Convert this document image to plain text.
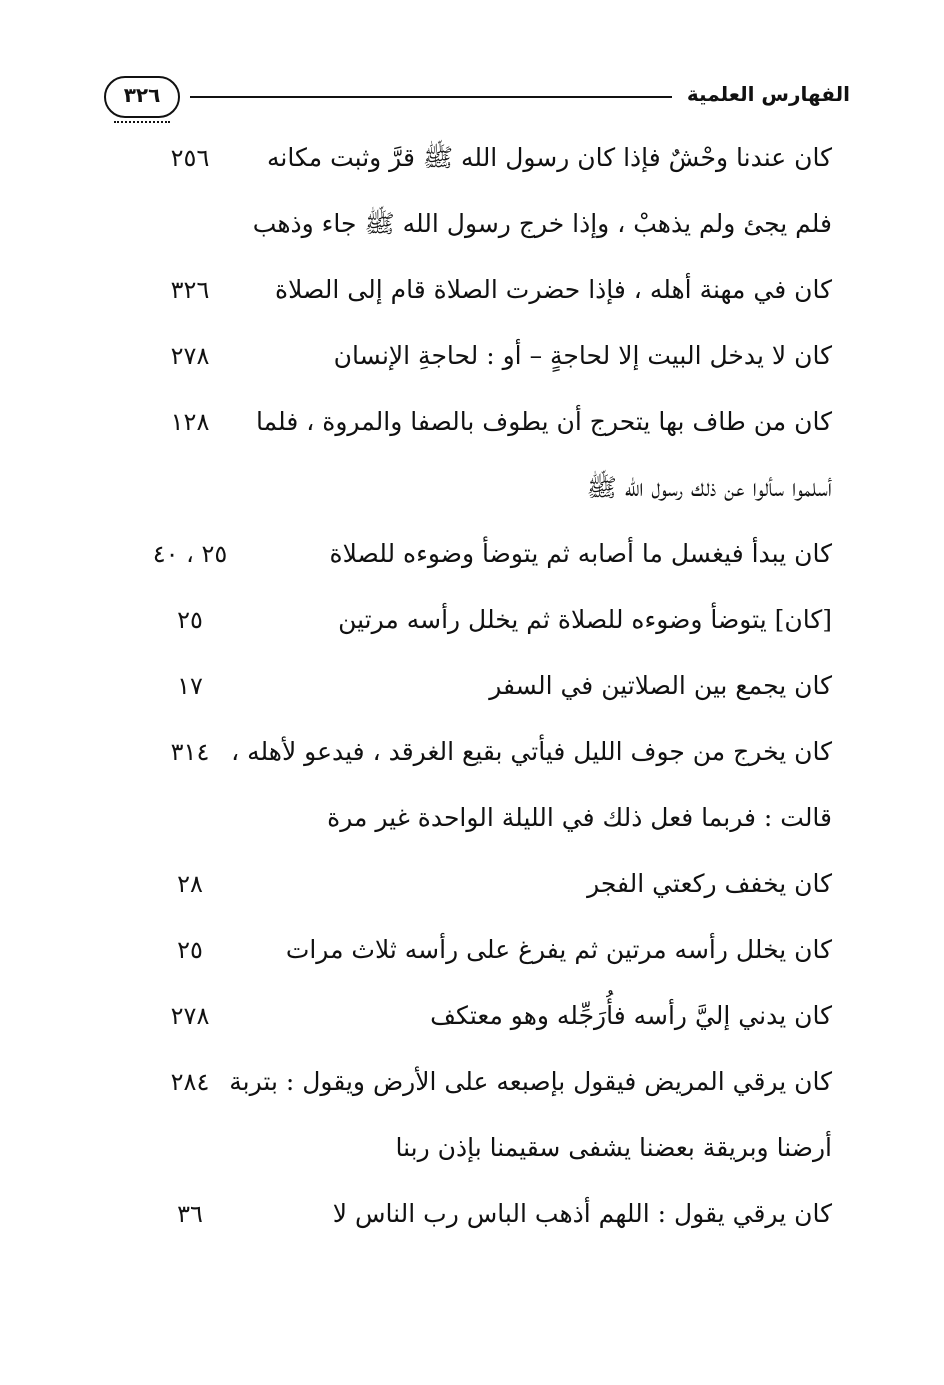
الفهارس العلمية
٣٢٦
كان عندنا وحْشٌ فإذا كان رسول الله ﷺ قرَّ وثبت مكانه
فلم يجئ ولم يذهبْ ، وإذا خرج رسول الله ﷺ جاء وذهب
٢٥٦
كان في مهنة أهله ، فإذا حضرت الصلاة قام إلى الصلاة
٣٢٦
كان لا يدخل البيت إلا لحاجةٍ – أو : لحاجةِ الإنسان
٢٧٨
كان من طاف بها يتحرج أن يطوف بالصفا والمروة ، فلما
أسلموا سألوا عن ذلك رسول الله ﷺ
١٢٨
كان يبدأ فيغسل ما أصابه ثم يتوضأ وضوءه للصلاة
٢٥ ، ٤٠
[كان] يتوضأ وضوءه للصلاة ثم يخلل رأسه مرتين
٢٥
كان يجمع بين الصلاتين في السفر
١٧
كان يخرج من جوف الليل فيأتي بقيع الغرقد ، فيدعو لأهله ،
قالت : فربما فعل ذلك في الليلة الواحدة غير مرة
٣١٤
كان يخفف ركعتي الفجر
٢٨
كان يخلل رأسه مرتين ثم يفرغ على رأسه ثلاث مرات
٢٥
كان يدني إليَّ رأسه فأُرَجِّله وهو معتكف
٢٧٨
كان يرقي المريض فيقول بإصبعه على الأرض ويقول : بتربة
أرضنا وبريقة بعضنا يشفى سقيمنا بإذن ربنا
٢٨٤
كان يرقي يقول : اللهم أذهب الباس رب الناس لا
٣٦
